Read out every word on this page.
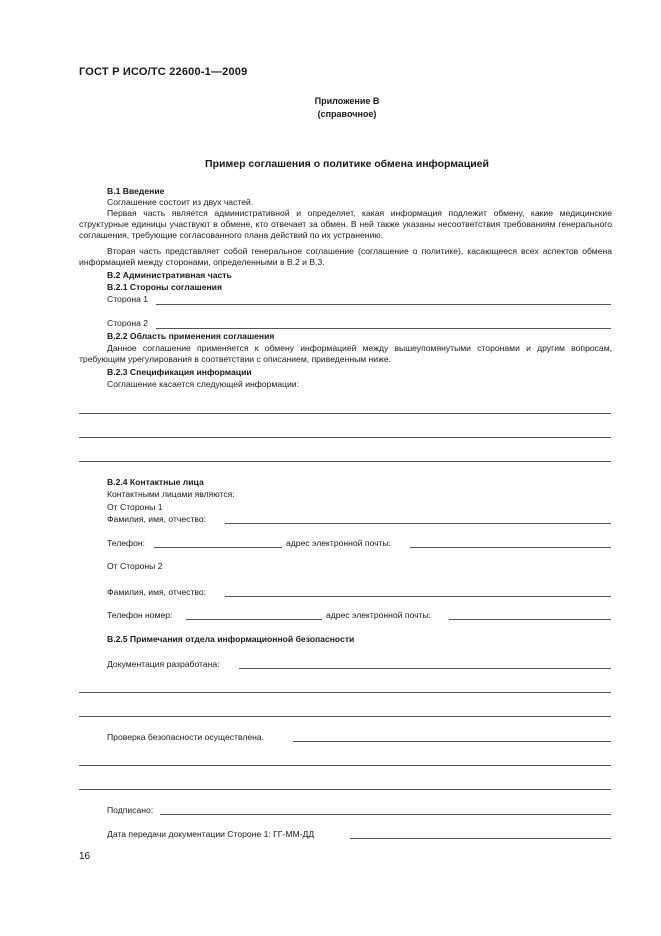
ГОСТ Р ИСО/ТС 22600-1—2009
Приложение В
(справочное)
Пример соглашения о политике обмена информацией
В.1 Введение
Соглашение состоит из двух частей.
Первая часть является административной и определяет, какая информация подлежит обмену, какие медицинские структурные единицы участвуют в обмене, кто отвечает за обмен. В ней также указаны несоответствия требованиям генерального соглашения, требующие согласованного плана действий по их устранению.
Вторая часть представляет собой генеральное соглашение (соглашение о политике), касающееся всех аспектов обмена информацией между сторонами, определенными в В.2 и В.3.
В.2 Административная часть
В.2.1 Стороны соглашения
Сторона 1
Сторона 2
В.2.2 Область применения соглашения
Данное соглашение применяется к обмену информацией между вышеупомянутыми сторонами и другим вопросам, требующим урегулирования в соответствии с описанием, приведенным ниже.
В.2.3 Спецификация информации
Соглашение касается следующей информации:
В.2.4 Контактные лица
Контактными лицами являются:
От Стороны 1
Фамилия, имя, отчество:
Телефон:	адрес электронной почты:
От Стороны 2
Фамилия, имя, отчество:
Телефон номер:	адрес электронной почты:
В.2.5 Примечания отдела информационной безопасности
Документация разработана:
Проверка безопасности осуществлена.
Подписано:
Дата передачи документации Стороне 1: ГГ-ММ-ДД
16
